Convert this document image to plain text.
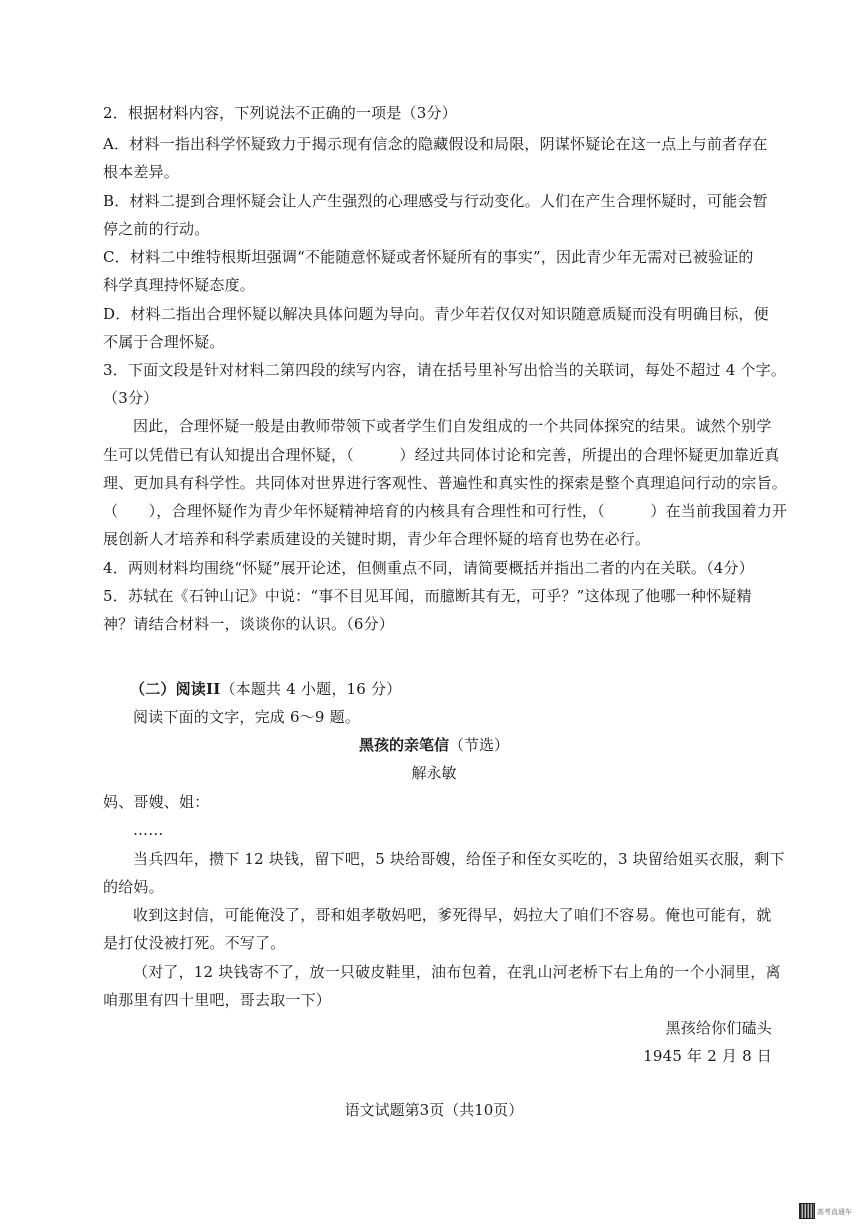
2．根据材料内容，下列说法不正确的一项是（3分）
A．材料一指出科学怀疑致力于揭示现有信念的隐藏假设和局限，阴谋怀疑论在这一点上与前者存在
根本差异。
B．材料二提到合理怀疑会让人产生强烈的心理感受与行动变化。人们在产生合理怀疑时，可能会暂
停之前的行动。
C．材料二中维特根斯坦强调“不能随意怀疑或者怀疑所有的事实”，因此青少年无需对已被验证的
科学真理持怀疑态度。
D．材料二指出合理怀疑以解决具体问题为导向。青少年若仅仅对知识随意质疑而没有明确目标，便
不属于合理怀疑。
3．下面文段是针对材料二第四段的续写内容，请在括号里补写出恰当的关联词，每处不超过 4 个字。
（3分）
因此，合理怀疑一般是由教师带领下或者学生们自发组成的一个共同体探究的结果。诚然个别学
生可以凭借已有认知提出合理怀疑，（　　　）经过共同体讨论和完善，所提出的合理怀疑更加靠近真
理、更加具有科学性。共同体对世界进行客观性、普遍性和真实性的探索是整个真理追问行动的宗旨。
（　　），合理怀疑作为青少年怀疑精神培育的内核具有合理性和可行性，（　　　）在当前我国着力开
展创新人才培养和科学素质建设的关键时期，青少年合理怀疑的培育也势在必行。
4．两则材料均围绕“怀疑”展开论述，但侧重点不同，请简要概括并指出二者的内在关联。（4分）
5．苏轼在《石钟山记》中说：“事不目见耳闻，而臆断其有无，可乎？”这体现了他哪一种怀疑精
神？请结合材料一，谈谈你的认识。（6分）
（二）阅读II（本题共 4 小题，16 分）
阅读下面的文字，完成 6～9 题。
黑孩的亲笔信（节选）
解永敏
妈、哥嫂、姐：
……
当兵四年，攒下 12 块钱，留下吧，5 块给哥嫂，给侄子和侄女买吃的，3 块留给姐买衣服，剩下
的给妈。
收到这封信，可能俺没了，哥和姐孝敬妈吧，爹死得早，妈拉大了咱们不容易。俺也可能有，就
是打仗没被打死。不写了。
（对了，12 块钱寄不了，放一只破皮鞋里，油布包着，在乳山河老桥下右上角的一个小洞里，离
咱那里有四十里吧，哥去取一下）
黑孩给你们磕头
1945 年 2 月 8 日
语文试题第3页（共10页）
高考直通车
